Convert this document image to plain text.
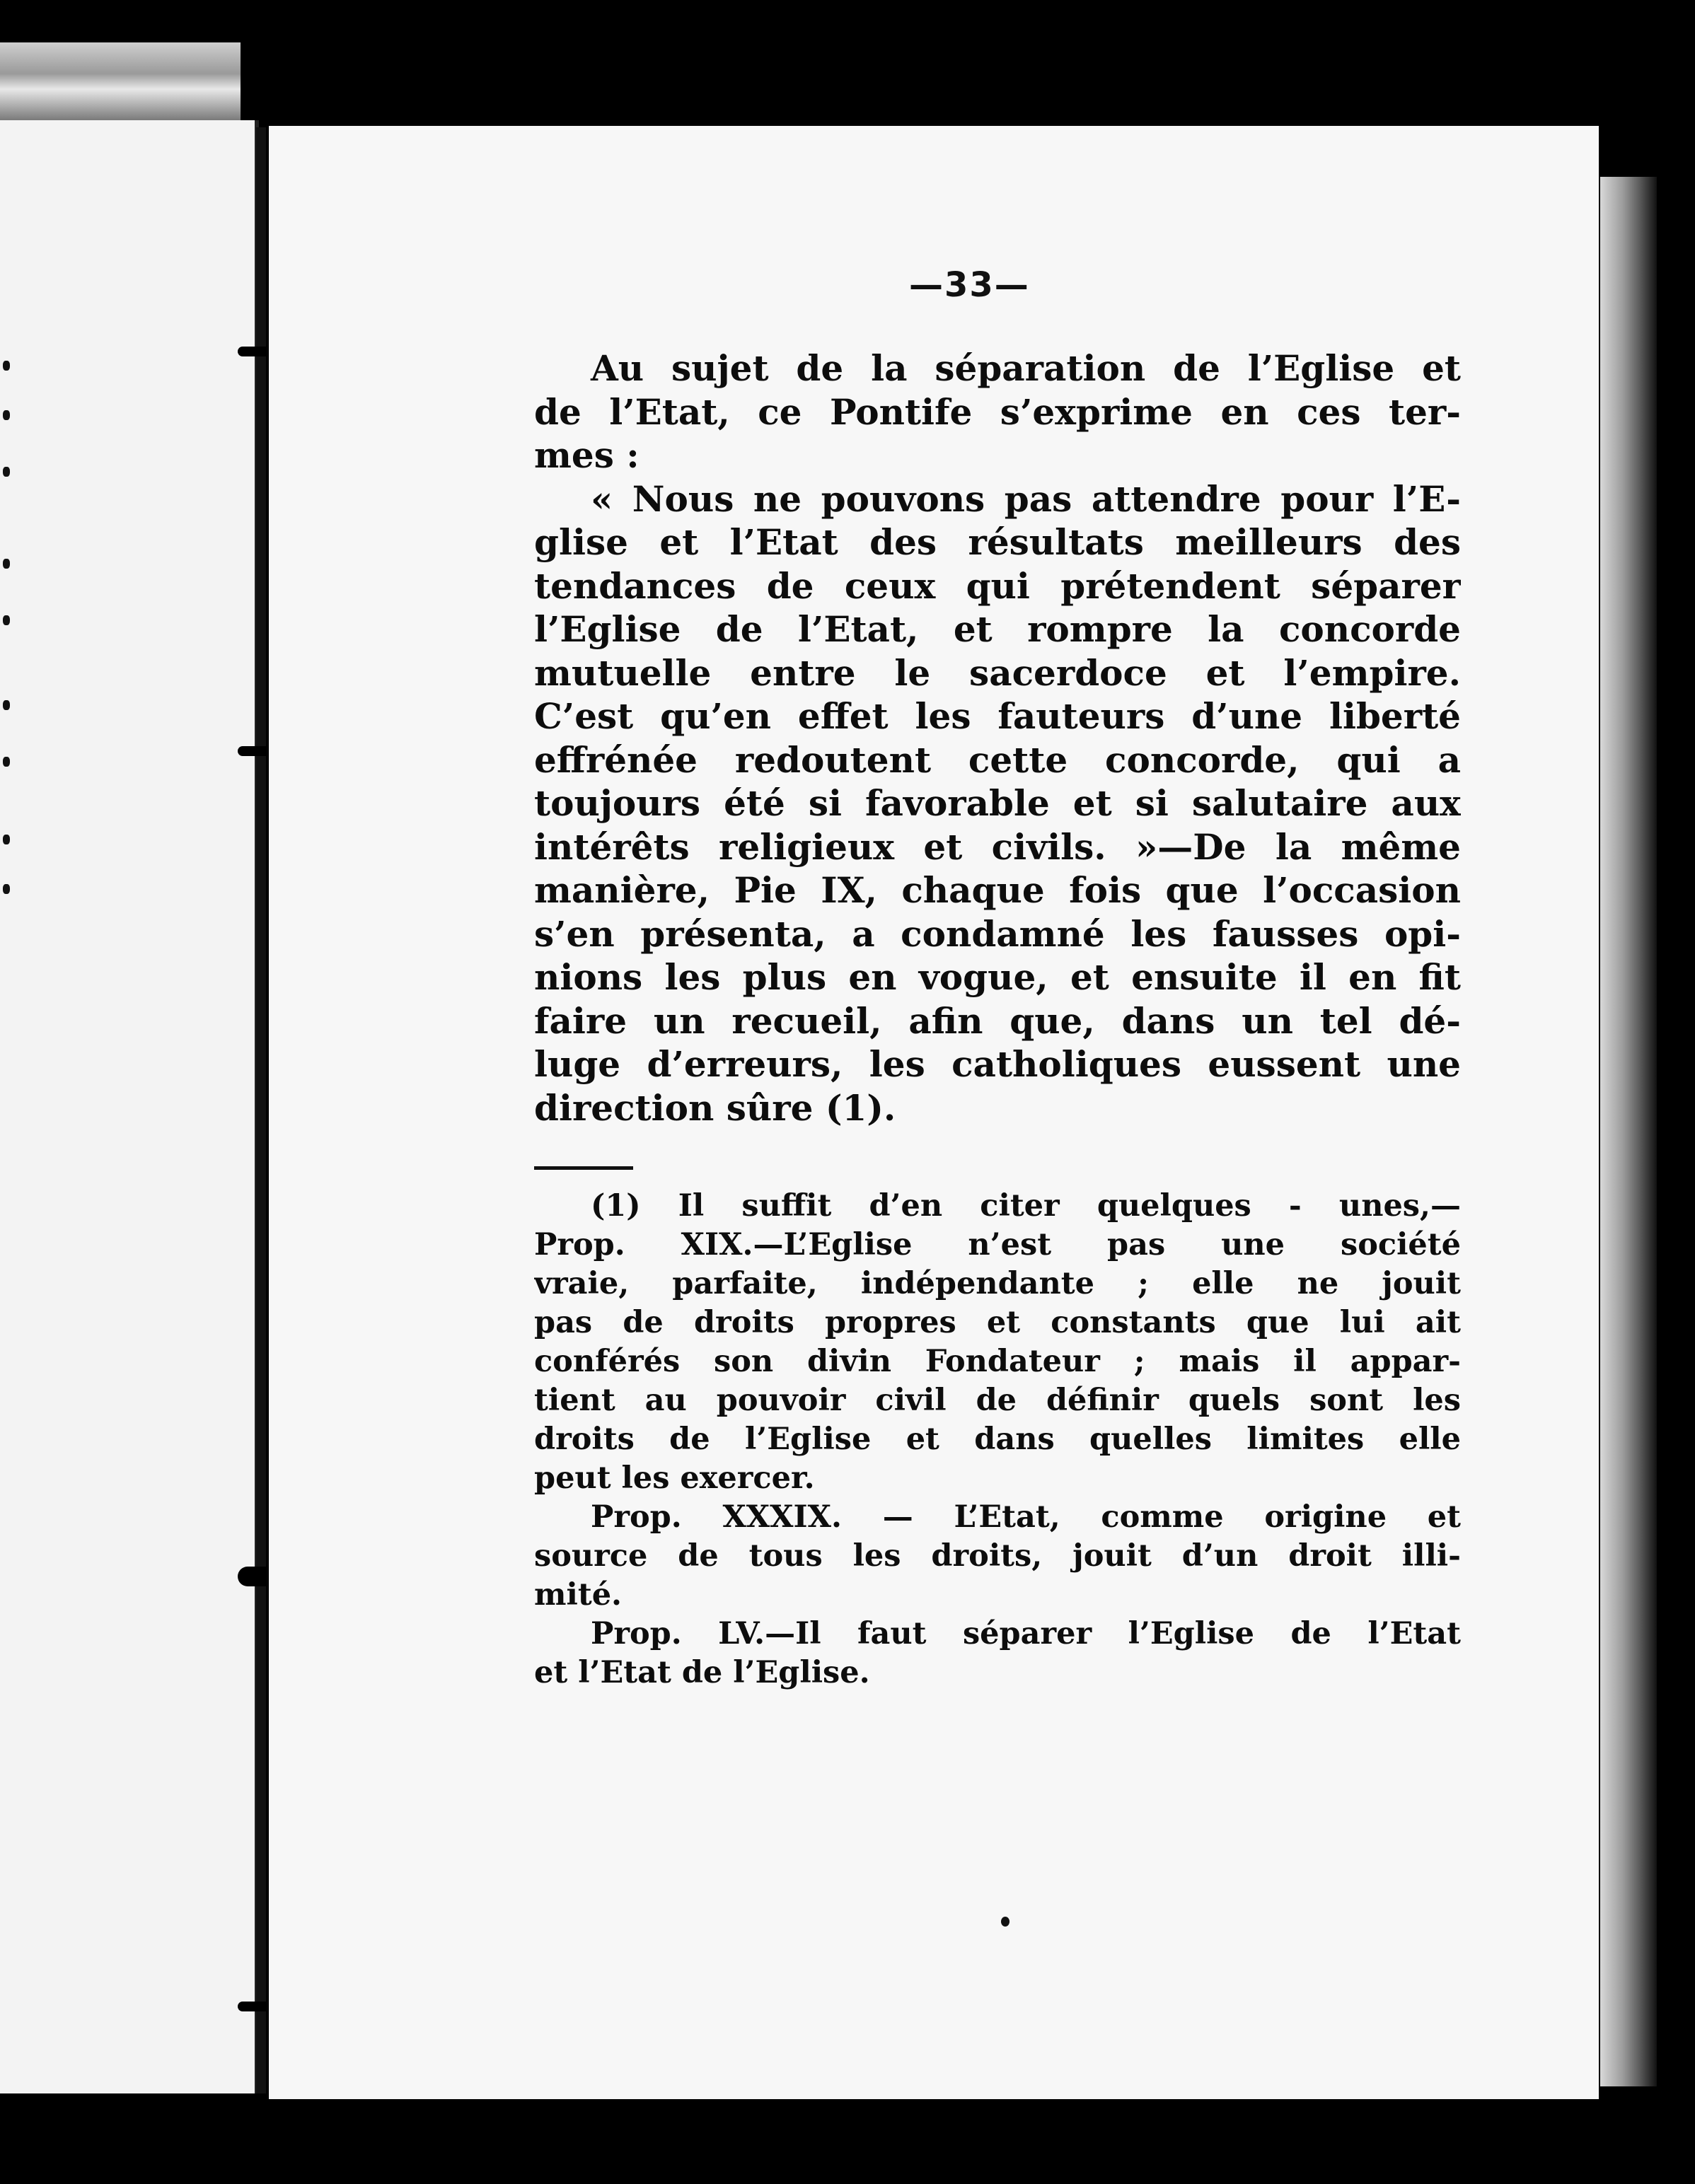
—33—
Au sujet de la séparation de l’Eglise et
de l’Etat, ce Pontife s’exprime en ces ter-
mes :
« Nous ne pouvons pas attendre pour l’E-
glise et l’Etat des résultats meilleurs des
tendances de ceux qui prétendent séparer
l’Eglise de l’Etat, et rompre la concorde
mutuelle entre le sacerdoce et l’empire.
C’est qu’en effet les fauteurs d’une liberté
effrénée redoutent cette concorde, qui a
toujours été si favorable et si salutaire aux
intérêts religieux et civils. »—De la même
manière, Pie IX, chaque fois que l’occasion
s’en présenta, a condamné les fausses opi-
nions les plus en vogue, et ensuite il en fit
faire un recueil, afin que, dans un tel dé-
luge d’erreurs, les catholiques eussent une
direction sûre (1).
(1) Il suffit d’en citer quelques - unes,—
Prop. XIX.—L’Eglise n’est pas une société
vraie, parfaite, indépendante ; elle ne jouit
pas de droits propres et constants que lui ait
conférés son divin Fondateur ; mais il appar-
tient au pouvoir civil de définir quels sont les
droits de l’Eglise et dans quelles limites elle
peut les exercer.
Prop. XXXIX. — L’Etat, comme origine et
source de tous les droits, jouit d’un droit illi-
mité.
Prop. LV.—Il faut séparer l’Eglise de l’Etat
et l’Etat de l’Eglise.
